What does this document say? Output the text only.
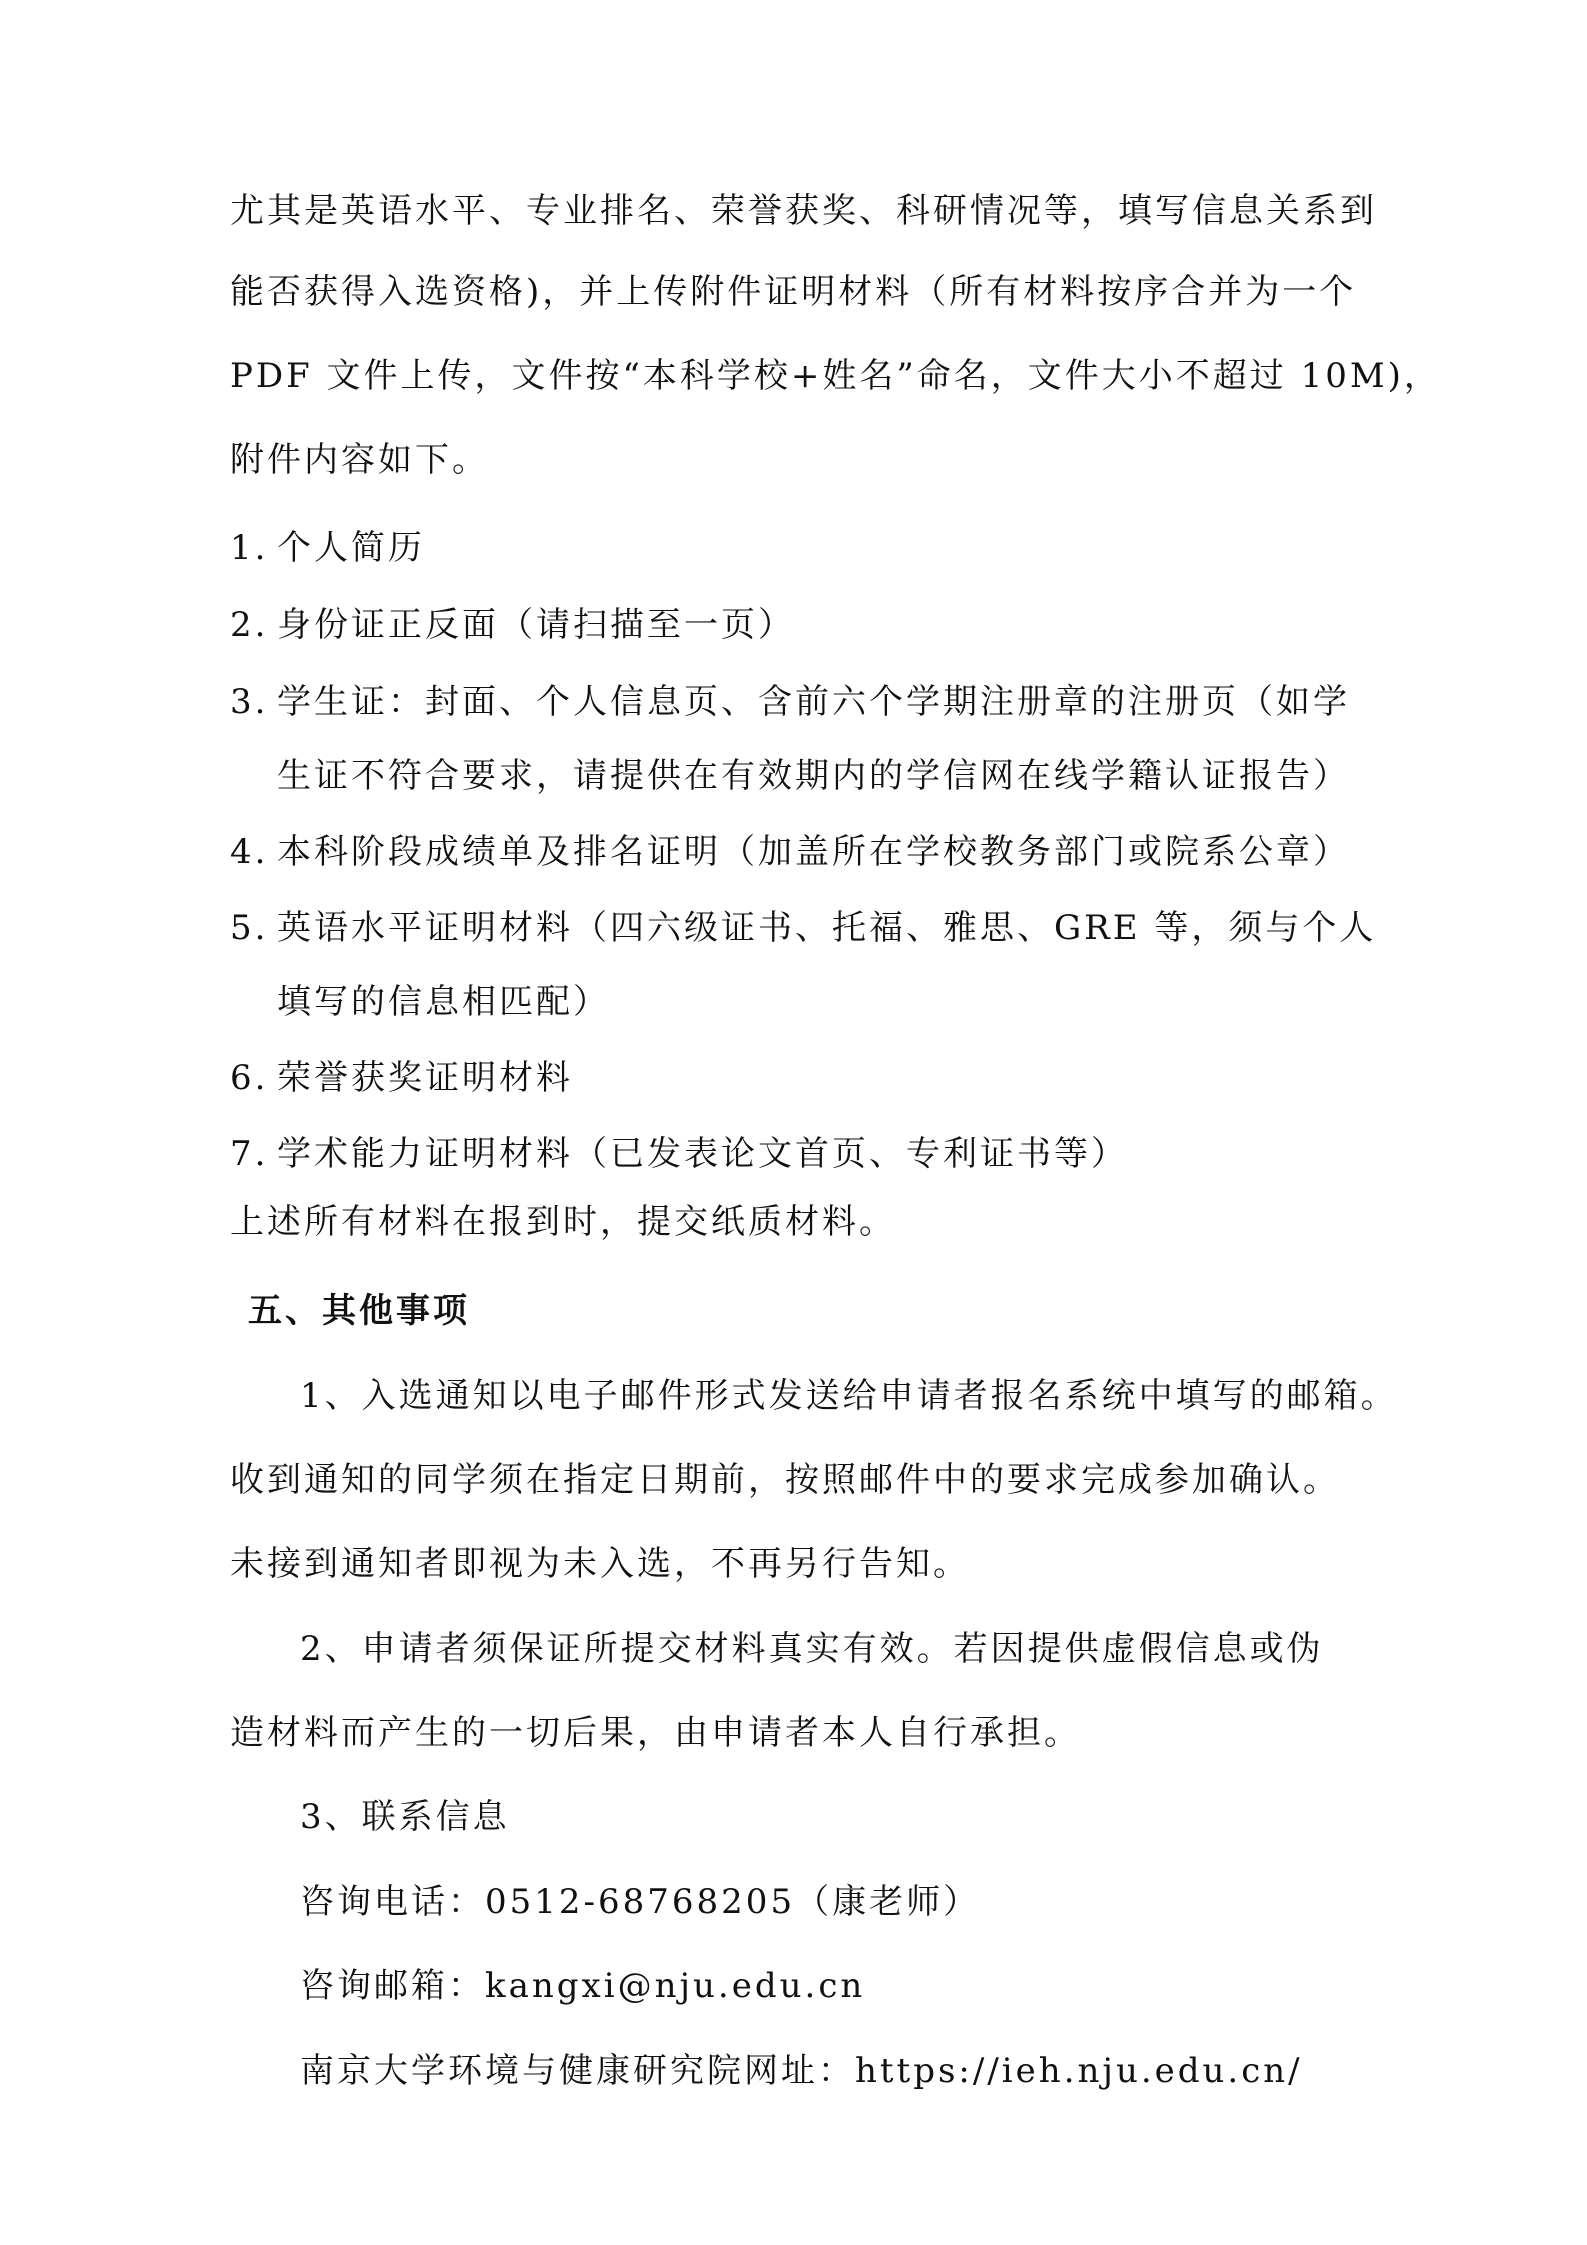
尤其是英语水平、专业排名、荣誉获奖、科研情况等，填写信息关系到
能否获得入选资格)，并上传附件证明材料（所有材料按序合并为一个
PDF 文件上传，文件按“本科学校+姓名”命名，文件大小不超过 10M)，
附件内容如下。
1. 个人简历
2. 身份证正反面（请扫描至一页）
3. 学生证：封面、个人信息页、含前六个学期注册章的注册页（如学
生证不符合要求，请提供在有效期内的学信网在线学籍认证报告）
4. 本科阶段成绩单及排名证明（加盖所在学校教务部门或院系公章）
5. 英语水平证明材料（四六级证书、托福、雅思、GRE 等，须与个人
填写的信息相匹配）
6. 荣誉获奖证明材料
7. 学术能力证明材料（已发表论文首页、专利证书等）
上述所有材料在报到时，提交纸质材料。
五、其他事项
1、入选通知以电子邮件形式发送给申请者报名系统中填写的邮箱。
收到通知的同学须在指定日期前，按照邮件中的要求完成参加确认。
未接到通知者即视为未入选，不再另行告知。
2、申请者须保证所提交材料真实有效。若因提供虚假信息或伪
造材料而产生的一切后果，由申请者本人自行承担。
3、联系信息
咨询电话：0512-68768205（康老师）
咨询邮箱：kangxi@nju.edu.cn
南京大学环境与健康研究院网址：https://ieh.nju.edu.cn/
